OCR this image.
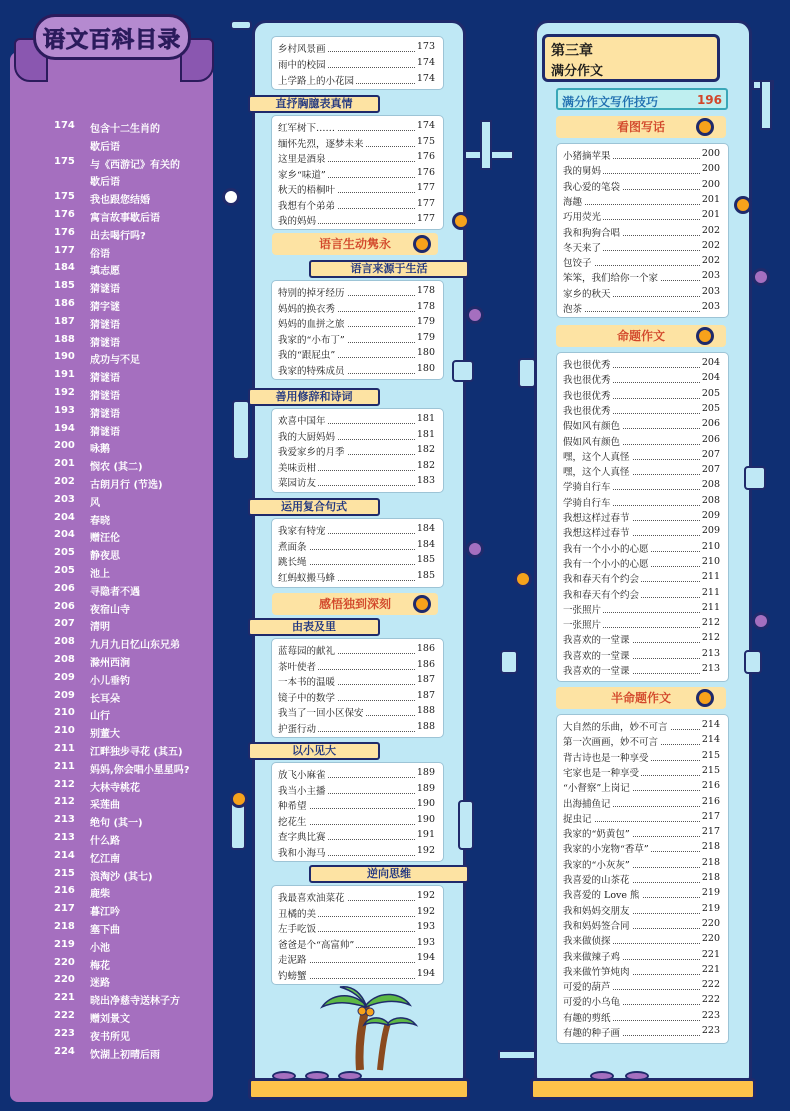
语文百科目录
174 包含十二生肖的
歇后语
175 与《西游记》有关的
歇后语
175 我也跟您结婚
176 寓言故事歇后语
176 出去喝行吗?
177 俗语
184 填志愿
185 猜谜语
186 猜字谜
187 猜谜语
188 猜谜语
190 成功与不足
191 猜谜语
192 猜谜语
193 猜谜语
194 猜谜语
200 咏鹅
201 悯农 (其二)
202 古朗月行 (节选)
203 风
204 春晓
204 赠汪伦
205 静夜思
205 池上
206 寻隐者不遇
206 夜宿山寺
207 清明
208 九月九日忆山东兄弟
208 滁州西涧
209 小儿垂钓
209 长耳朵
210 山行
210 别董大
211 江畔独步寻花 (其五)
211 妈妈,你会唱小星星吗?
212 大林寺桃花
212 采莲曲
213 绝句 (其一)
213 什么路
214 忆江南
215 浪淘沙 (其七)
216 鹿柴
217 暮江吟
218 塞下曲
219 小池
220 梅花
220 迷路
221 晓出净慈寺送林子方
222 赠刘景文
223 夜书所见
224 饮湖上初晴后雨
乡村风景画	173
雨中的校园	174
上学路上的小花园	174
直抒胸臆表真情
红军树下……	174
缅怀先烈，逐梦未来	175
这里是酒泉	176
家乡“味道”	176
秋天的梧桐叶	177
我想有个弟弟	177
我的妈妈	177
语言生动隽永
语言来源于生活
特别的掉牙经历	178
妈妈的换衣秀	178
妈妈的血拼之旅	179
我家的“小布丁”	179
我的“跟屁虫”	180
我家的特殊成员	180
善用修辞和诗词
欢喜中国年	181
我的大厨妈妈	181
我爱家乡的月季	182
美味贡柑	182
菜园访友	183
运用复合句式
我家有特宠	184
煮面条	184
跳长绳	185
红蚂蚁搬马蜂	185
感悟独到深刻
由表及里
蓝莓园的献礼	186
茶叶使者	186
一本书的温暖	187
镜子中的数学	187
我当了一回小区保安	188
护蛋行动	188
以小见大
放飞小麻雀	189
我当小主播	189
种希望	190
挖花生	190
查字典比赛	191
我和小海马	192
逆向思维
我最喜欢油菜花	192
丑橘的美	192
左手吃饭	193
爸爸是个“高富帅”	193
走泥路	194
钓螃蟹	194
第三章
满分作文
满分作文写作技巧	196
看图写话
小猪摘苹果	200
我的舅妈	200
我心爱的笔袋	200
海趣	201
巧用荧光	201
我和狗狗合唱	202
冬天来了	202
包饺子	202
笨笨，我们给你一个家	203
家乡的秋天	203
泡茶	203
命题作文
我也很优秀	204
我也很优秀	204
我也很优秀	205
我也很优秀	205
假如风有颜色	206
假如风有颜色	206
嘿，这个人真怪	207
嘿，这个人真怪	207
学骑自行车	208
学骑自行车	208
我想这样过春节	209
我想这样过春节	209
我有一个小小的心愿	210
我有一个小小的心愿	210
我和春天有个约会	211
我和春天有个约会	211
一张照片	211
一张照片	212
我喜欢的一堂课	212
我喜欢的一堂课	213
我喜欢的一堂课	213
半命题作文
大自然的乐曲，妙不可言	214
第一次画画，妙不可言	214
背古诗也是一种享受	215
宅家也是一种享受	215
“小督察”上岗记	216
出海捕鱼记	216
捉虫记	217
我家的“奶黄包”	217
我家的小宠物“香草”	218
我家的“小灰灰”	218
我喜爱的山茶花	218
我喜爱的 Love 熊	219
我和妈妈交朋友	219
我和妈妈签合同	220
我来做侦探	220
我来做辣子鸡	221
我来做竹笋炖肉	221
可爱的葫芦	222
可爱的小乌龟	222
有趣的剪纸	223
有趣的种子画	223
